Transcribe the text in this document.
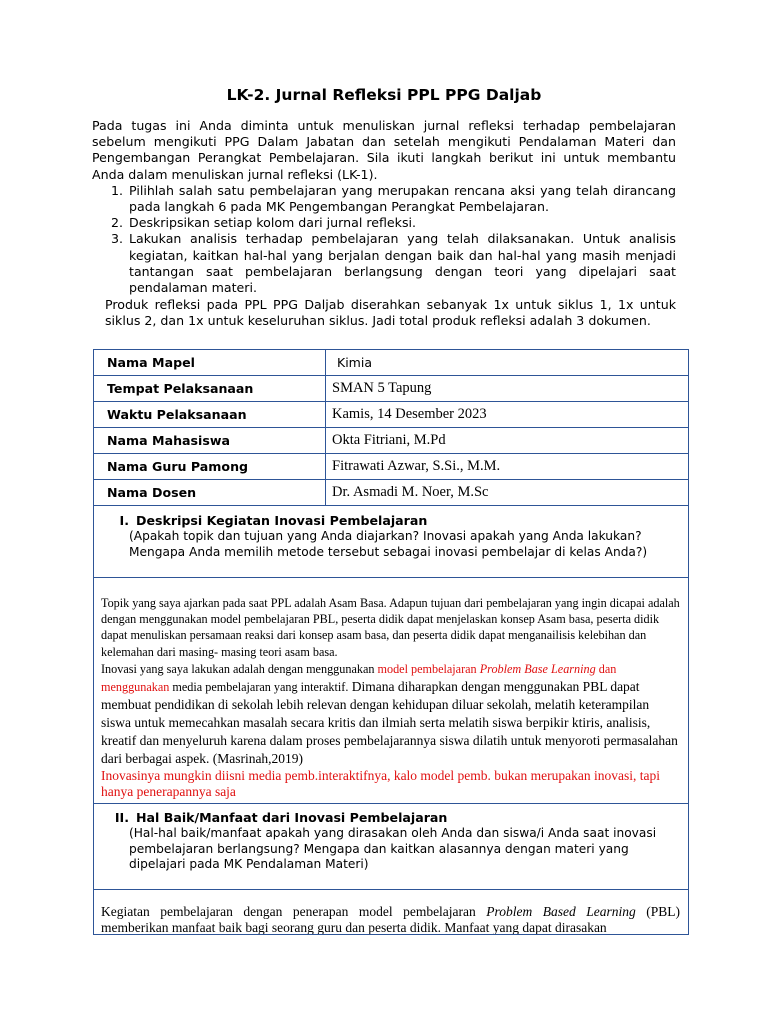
LK-2. Jurnal Refleksi PPL PPG Daljab

Pada tugas ini Anda diminta untuk menuliskan jurnal refleksi terhadap pembelajaran sebelum mengikuti PPG Dalam Jabatan dan setelah mengikuti Pendalaman Materi dan Pengembangan Perangkat Pembelajaran. Sila ikuti langkah berikut ini untuk membantu Anda dalam menuliskan jurnal refleksi (LK-1).

1. Pilihlah salah satu pembelajaran yang merupakan rencana aksi yang telah dirancang pada langkah 6 pada MK Pengembangan Perangkat Pembelajaran.
2. Deskripsikan setiap kolom dari jurnal refleksi.
3. Lakukan analisis terhadap pembelajaran yang telah dilaksanakan. Untuk analisis kegiatan, kaitkan hal-hal yang berjalan dengan baik dan hal-hal yang masih menjadi tantangan saat pembelajaran berlangsung dengan teori yang dipelajari saat pendalaman materi.

Produk refleksi pada PPL PPG Daljab diserahkan sebanyak 1x untuk siklus 1, 1x untuk siklus 2, dan 1x untuk keseluruhan siklus. Jadi total produk refleksi adalah 3 dokumen.

Nama Mapel	Kimia
Tempat Pelaksanaan	SMAN 5 Tapung
Waktu Pelaksanaan	Kamis, 14 Desember 2023
Nama Mahasiswa	Okta Fitriani, M.Pd
Nama Guru Pamong	Fitrawati Azwar, S.Si., M.M.
Nama Dosen	Dr. Asmadi M. Noer, M.Sc
I. Deskripsi Kegiatan Inovasi Pembelajaran
(Apakah topik dan tujuan yang Anda diajarkan? Inovasi apakah yang Anda lakukan? Mengapa Anda memilih metode tersebut sebagai inovasi pembelajar di kelas Anda?)
Topik yang saya ajarkan pada saat PPL adalah Asam Basa. Adapun tujuan dari pembelajaran yang ingin dicapai adalah dengan menggunakan model pembelajaran PBL, peserta didik dapat menjelaskan konsep Asam basa, peserta didik dapat menuliskan persamaan reaksi dari konsep asam basa, dan peserta didik dapat menganailisis kelebihan dan kelemahan dari masing- masing teori asam basa.
Inovasi yang saya lakukan adalah dengan menggunakan model pembelajaran Problem Base Learning dan menggunakan media pembelajaran yang interaktif. Dimana diharapkan dengan menggunakan PBL dapat membuat pendidikan di sekolah lebih relevan dengan kehidupan diluar sekolah, melatih keterampilan siswa untuk memecahkan masalah secara kritis dan ilmiah serta melatih siswa berpikir ktiris, analisis, kreatif dan menyeluruh karena dalam proses pembelajarannya siswa dilatih untuk menyoroti permasalahan dari berbagai aspek. (Masrinah,2019)
Inovasinya mungkin diisni media pemb.interaktifnya, kalo model pemb. bukan merupakan inovasi, tapi hanya penerapannya saja
II. Hal Baik/Manfaat dari Inovasi Pembelajaran
(Hal-hal baik/manfaat apakah yang dirasakan oleh Anda dan siswa/i Anda saat inovasi pembelajaran berlangsung? Mengapa dan kaitkan alasannya dengan materi yang dipelajari pada MK Pendalaman Materi)
Kegiatan pembelajaran dengan penerapan model pembelajaran Problem Based Learning (PBL) memberikan manfaat baik bagi seorang guru dan peserta didik. Manfaat yang dapat dirasakan
